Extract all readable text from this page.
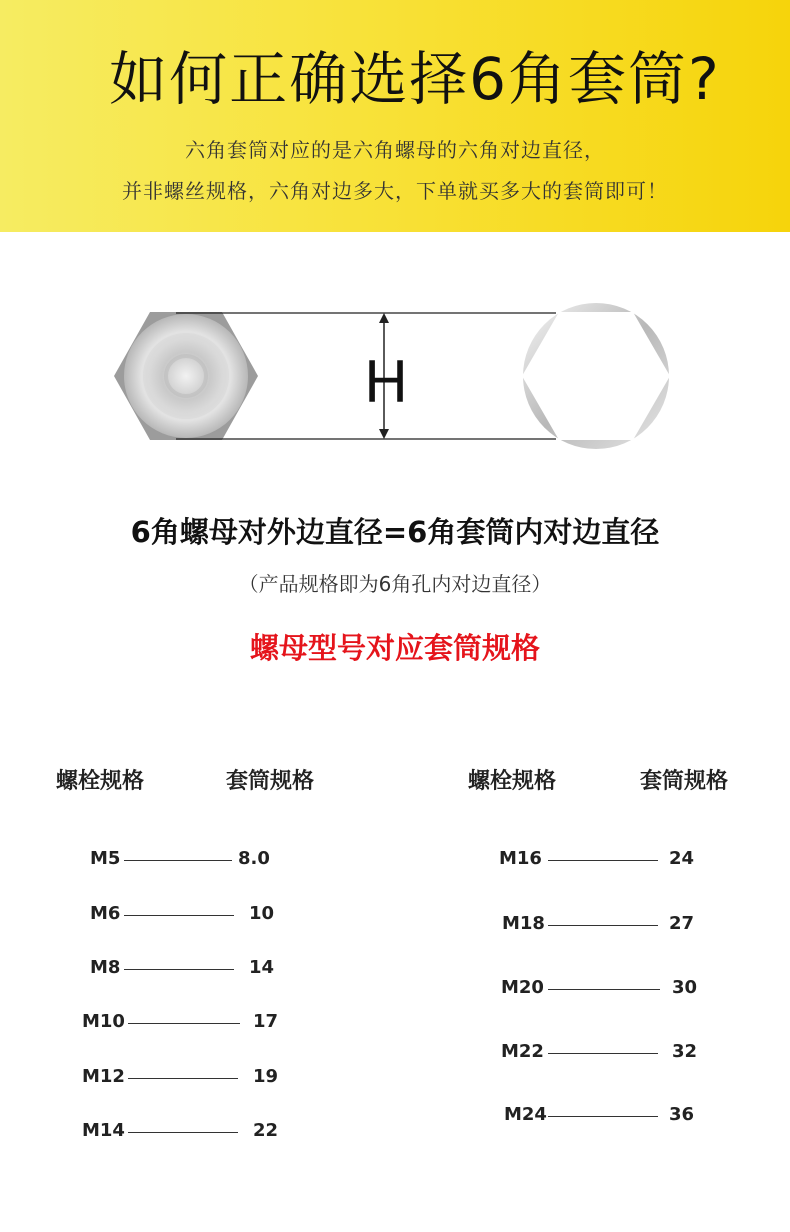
如何正确选择6角套筒?
六角套筒对应的是六角螺母的六角对边直径，
并非螺丝规格，六角对边多大，下单就买多大的套筒即可！
H
6角螺母对外边直径=6角套筒内对边直径
（产品规格即为6角孔内对边直径）
螺母型号对应套筒规格
螺栓规格	套筒规格	螺栓规格	套筒规格
M5	8.0
M6	10
M8	14
M10	17
M12	19
M14	22
M16	24
M18	27
M20	30
M22	32
M24	36
